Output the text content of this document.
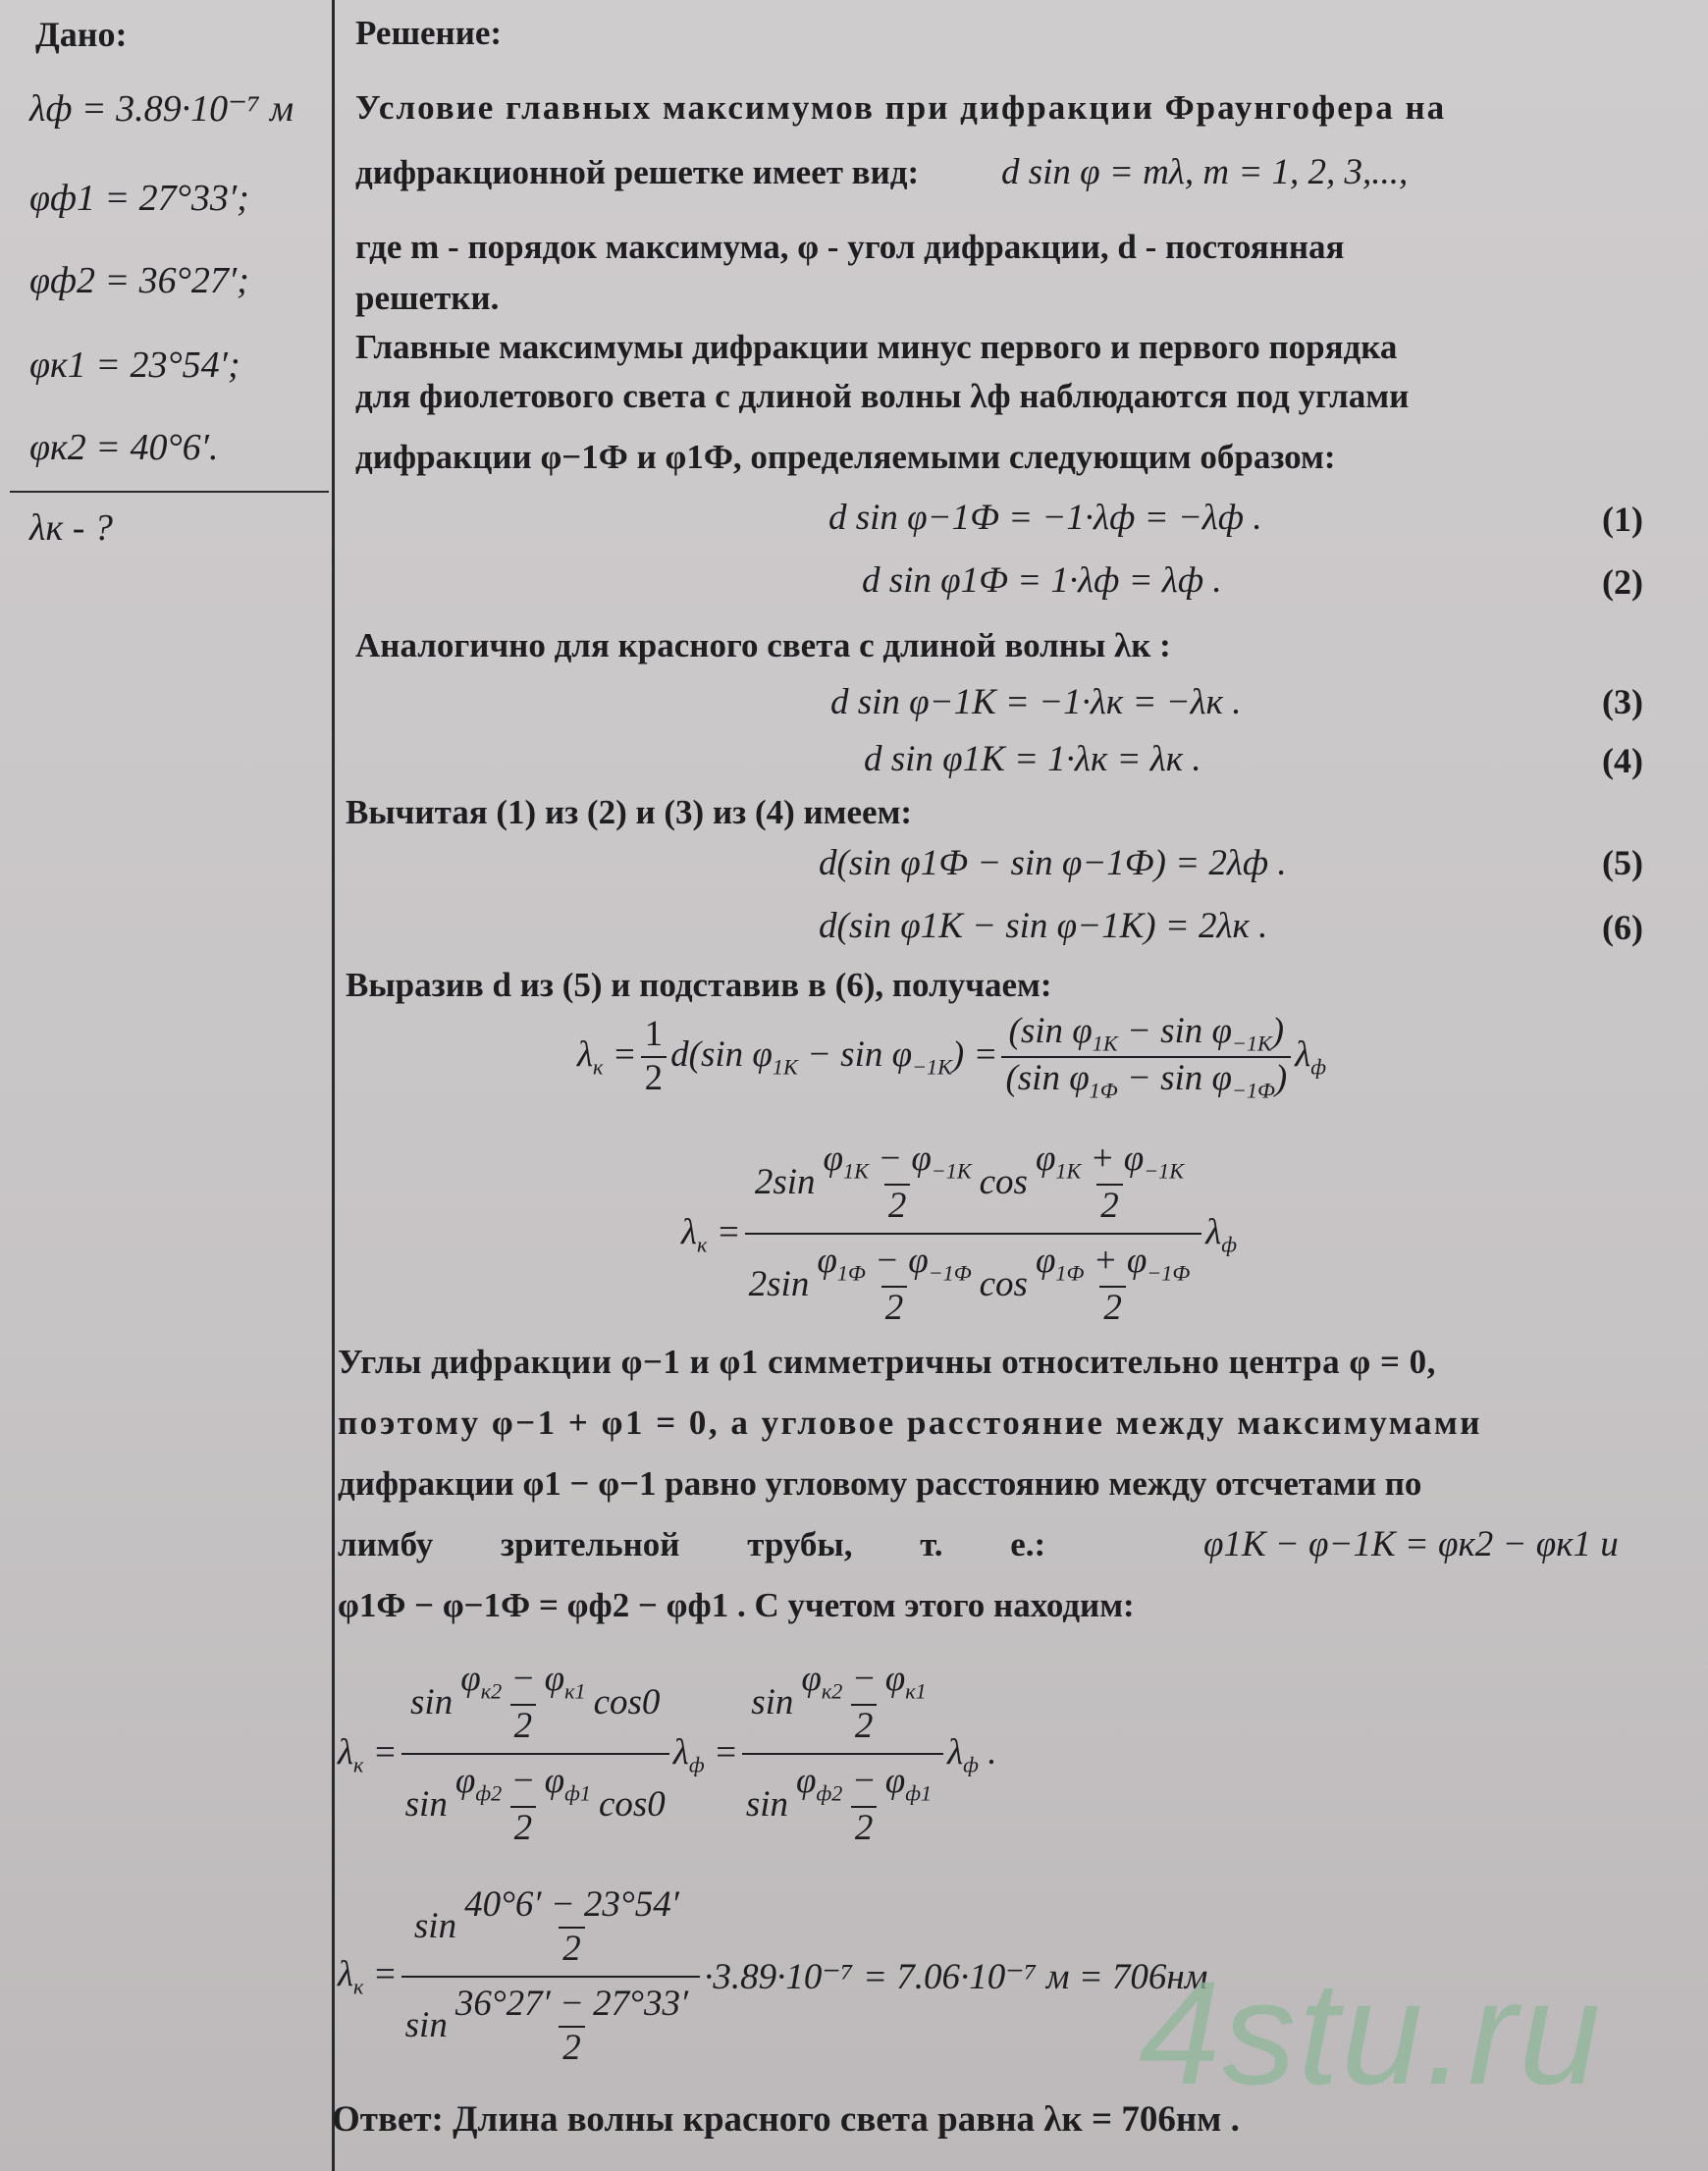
Дано:
λф = 3.89·10⁻⁷ м
φф1 = 27°33′;
φф2 = 36°27′;
φк1 = 23°54′;
φк2 = 40°6′.
λк - ?
Решение:
Условие главных максимумов при дифракции Фраунгофера на
дифракционной решетке имеет вид: d sin φ = mλ, m = 1, 2, 3,...,
где m - порядок максимума, φ - угол дифракции, d - постоянная
решетки.
Главные максимумы дифракции минус первого и первого порядка
для фиолетового света с длиной волны λф наблюдаются под углами
дифракции φ−1Ф и φ1Ф, определяемыми следующим образом:
d sin φ−1Ф = −1·λф = −λф .	(1)
d sin φ1Ф = 1·λф = λф .	(2)
Аналогично для красного света с длиной волны λк :
d sin φ−1К = −1·λк = −λк .	(3)
d sin φ1К = 1·λк = λк .	(4)
Вычитая (1) из (2) и (3) из (4) имеем:
d(sin φ1Ф − sin φ−1Ф) = 2λф .	(5)
d(sin φ1К − sin φ−1К) = 2λк .	(6)
Выразив d из (5) и подставив в (6), получаем:
$\lambda_к = \frac{1}{2} d(\sin$ $\varphi_{1К} - \sin \varphi_{-1К}) = \frac{(\sin \varphi_{1К} - \sin \varphi_{-1К})}{(\sin \varphi_{1Ф} - \sin \varphi_{-1Ф})} \lambda_ф$
$\lambda_к = \frac{2\sin \frac{\varphi_{1К} - \varphi_{-1К}}{2} \cos \frac{\varphi_{1К} + \varphi_{-1К}}{2}}{2\sin \frac{\varphi_{1Ф} - \varphi_{-1Ф}}{2} \cos \frac{\varphi_{1Ф} + \varphi_{-1Ф}}{2}} \lambda_ф$
Углы дифракции φ−1 и φ1 симметричны относительно центра φ = 0,
поэтому φ−1 + φ1 = 0, а угловое расстояние между максимумами
дифракции φ1 − φ−1 равно угловому расстоянию между отсчетами по
лимбу зрительной трубы, т. е.:	φ1К − φ−1К = φк2 − φк1 и
φ1Ф − φ−1Ф = φф2 − φф1 . С учетом этого находим:
$\lambda_к = \frac{\sin \frac{\varphi_{к2} - \varphi_{к1}}{2} \cos 0}{\sin \frac{\varphi_{ф2} - \varphi_{ф1}}{2} \cos 0} \lambda_ф = \frac{\sin \frac{\varphi_{к2} - \varphi_{к1}}{2}}{\sin \frac{\varphi_{ф2} - \varphi_{ф1}}{2}} \lambda_ф$ .
$\lambda_к = \frac{\sin \frac{40^\circ 6' - 23^\circ 54'}{2}}{\sin \frac{36^\circ 27' - 27^\circ 33'}{2}} \cdot 3.89\cdot 10^{-7} = 7.06\cdot 10^{-7}$ м = 706нм
Ответ: Длина волны красного света равна λк = 706нм .
4stu.ru
